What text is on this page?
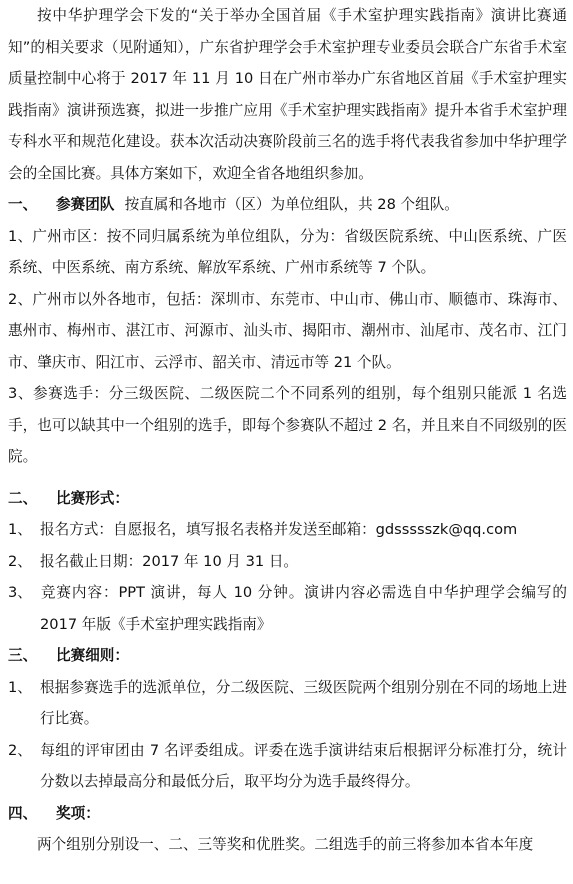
按中华护理学会下发的“关于举办全国首届《手术室护理实践指南》演讲比赛通知”的相关要求（见附通知），广东省护理学会手术室护理专业委员会联合广东省手术室质量控制中心将于 2017 年 11 月 10 日在广州市举办广东省地区首届《手术室护理实践指南》演讲预选赛，拟进一步推广应用《手术室护理实践指南》提升本省手术室护理专科水平和规范化建设。获本次活动决赛阶段前三名的选手将代表我省参加中华护理学会的全国比赛。具体方案如下，欢迎全省各地组织参加。

一、 参赛团队 按直属和各地市（区）为单位组队，共 28 个组队。

1、广州市区：按不同归属系统为单位组队，分为：省级医院系统、中山医系统、广医系统、中医系统、南方系统、解放军系统、广州市系统等 7 个队。

2、广州市以外各地市，包括：深圳市、东莞市、中山市、佛山市、顺德市、珠海市、惠州市、梅州市、湛江市、河源市、汕头市、揭阳市、潮州市、汕尾市、茂名市、江门市、肇庆市、阳江市、云浮市、韶关市、清远市等 21 个队。

3、参赛选手：分三级医院、二级医院二个不同系列的组别，每个组别只能派 1 名选手，也可以缺其中一个组别的选手，即每个参赛队不超过 2 名，并且来自不同级别的医院。

二、 比赛形式：

1、 报名方式：自愿报名，填写报名表格并发送至邮箱：gdssssszk@qq.com

2、 报名截止日期：2017 年 10 月 31 日。

3、 竞赛内容：PPT 演讲，每人 10 分钟。演讲内容必需选自中华护理学会编写的 2017 年版《手术室护理实践指南》

三、 比赛细则：

1、 根据参赛选手的选派单位，分二级医院、三级医院两个组别分别在不同的场地上进行比赛。

2、 每组的评审团由 7 名评委组成。评委在选手演讲结束后根据评分标准打分，统计分数以去掉最高分和最低分后，取平均分为选手最终得分。

四、 奖项：

两个组别分别设一、二、三等奖和优胜奖。二组选手的前三将参加本省本年度
